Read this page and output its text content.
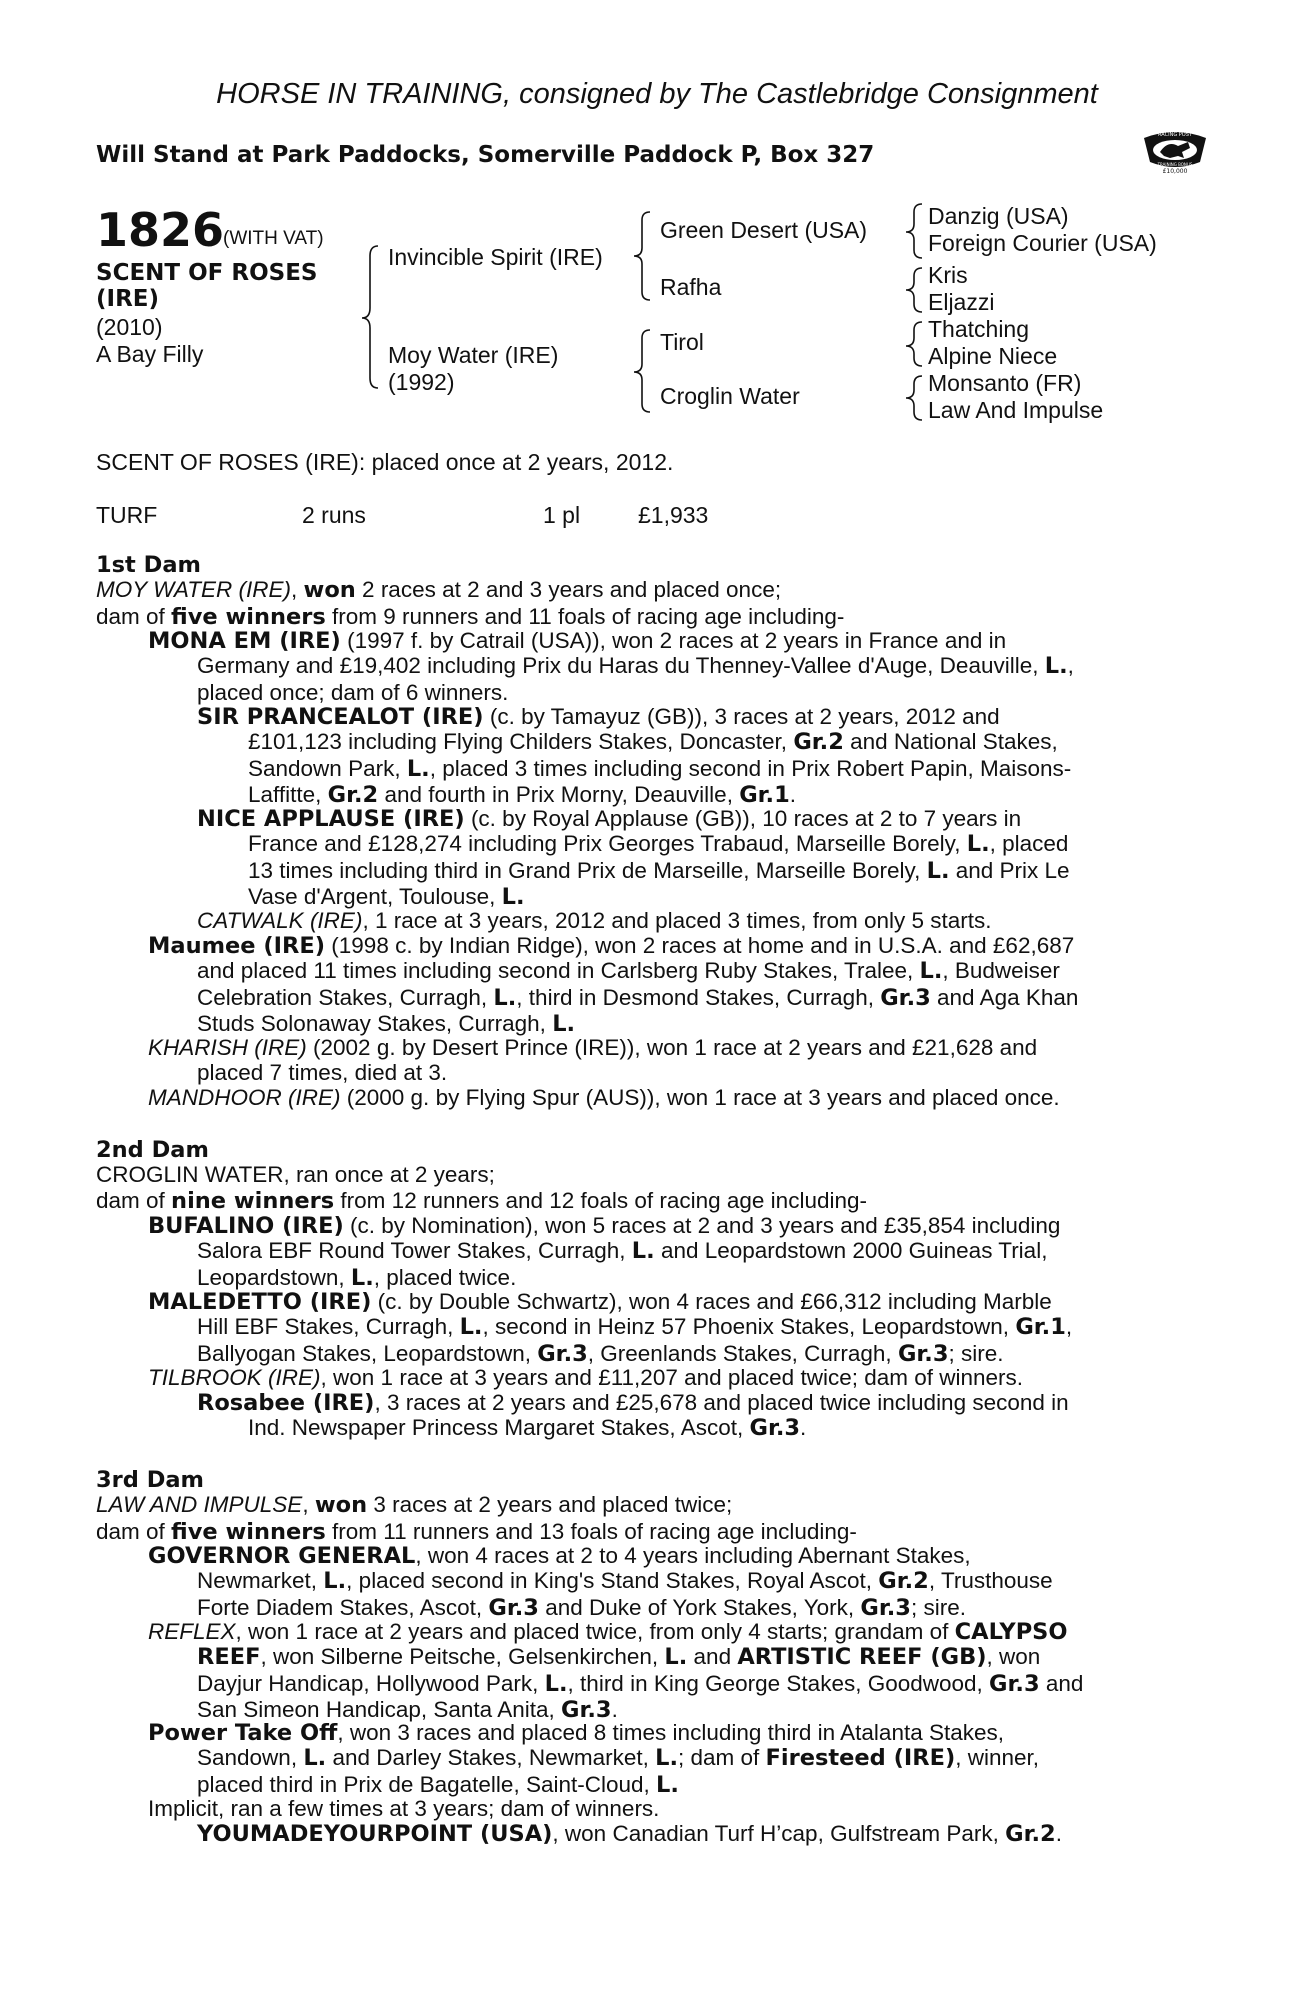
HORSE IN TRAINING, consigned by The Castlebridge Consignment
Will Stand at Park Paddocks, Somerville Paddock P, Box 327
RACING POST
TRAINING BONUS
£10,000
1826
(WITH VAT)
SCENT OF ROSES
(IRE)
(2010)
A Bay Filly
Invincible Spirit (IRE)
Moy Water (IRE)
(1992)
Green Desert (USA)
Rafha
Tirol
Croglin Water
Danzig (USA)
Foreign Courier (USA)
Kris
Eljazzi
Thatching
Alpine Niece
Monsanto (FR)
Law And Impulse
SCENT OF ROSES (IRE): placed once at 2 years, 2012.
TURF	2 runs	1 pl	£1,933
1st Dam
MOY WATER (IRE), won 2 races at 2 and 3 years and placed once;
dam of five winners from 9 runners and 11 foals of racing age including-
MONA EM (IRE) (1997 f. by Catrail (USA)), won 2 races at 2 years in France and in
Germany and £19,402 including Prix du Haras du Thenney-Vallee d'Auge, Deauville, L.,
placed once; dam of 6 winners.
SIR PRANCEALOT (IRE) (c. by Tamayuz (GB)), 3 races at 2 years, 2012 and
£101,123 including Flying Childers Stakes, Doncaster, Gr.2 and National Stakes,
Sandown Park, L., placed 3 times including second in Prix Robert Papin, Maisons-
Laffitte, Gr.2 and fourth in Prix Morny, Deauville, Gr.1.
NICE APPLAUSE (IRE) (c. by Royal Applause (GB)), 10 races at 2 to 7 years in
France and £128,274 including Prix Georges Trabaud, Marseille Borely, L., placed
13 times including third in Grand Prix de Marseille, Marseille Borely, L. and Prix Le
Vase d'Argent, Toulouse, L.
CATWALK (IRE), 1 race at 3 years, 2012 and placed 3 times, from only 5 starts.
Maumee (IRE) (1998 c. by Indian Ridge), won 2 races at home and in U.S.A. and £62,687
and placed 11 times including second in Carlsberg Ruby Stakes, Tralee, L., Budweiser
Celebration Stakes, Curragh, L., third in Desmond Stakes, Curragh, Gr.3 and Aga Khan
Studs Solonaway Stakes, Curragh, L.
KHARISH (IRE) (2002 g. by Desert Prince (IRE)), won 1 race at 2 years and £21,628 and
placed 7 times, died at 3.
MANDHOOR (IRE) (2000 g. by Flying Spur (AUS)), won 1 race at 3 years and placed once.
2nd Dam
CROGLIN WATER, ran once at 2 years;
dam of nine winners from 12 runners and 12 foals of racing age including-
BUFALINO (IRE) (c. by Nomination), won 5 races at 2 and 3 years and £35,854 including
Salora EBF Round Tower Stakes, Curragh, L. and Leopardstown 2000 Guineas Trial,
Leopardstown, L., placed twice.
MALEDETTO (IRE) (c. by Double Schwartz), won 4 races and £66,312 including Marble
Hill EBF Stakes, Curragh, L., second in Heinz 57 Phoenix Stakes, Leopardstown, Gr.1,
Ballyogan Stakes, Leopardstown, Gr.3, Greenlands Stakes, Curragh, Gr.3; sire.
TILBROOK (IRE), won 1 race at 3 years and £11,207 and placed twice; dam of winners.
Rosabee (IRE), 3 races at 2 years and £25,678 and placed twice including second in
Ind. Newspaper Princess Margaret Stakes, Ascot, Gr.3.
3rd Dam
LAW AND IMPULSE, won 3 races at 2 years and placed twice;
dam of five winners from 11 runners and 13 foals of racing age including-
GOVERNOR GENERAL, won 4 races at 2 to 4 years including Abernant Stakes,
Newmarket, L., placed second in King's Stand Stakes, Royal Ascot, Gr.2, Trusthouse
Forte Diadem Stakes, Ascot, Gr.3 and Duke of York Stakes, York, Gr.3; sire.
REFLEX, won 1 race at 2 years and placed twice, from only 4 starts; grandam of CALYPSO
REEF, won Silberne Peitsche, Gelsenkirchen, L. and ARTISTIC REEF (GB), won
Dayjur Handicap, Hollywood Park, L., third in King George Stakes, Goodwood, Gr.3 and
San Simeon Handicap, Santa Anita, Gr.3.
Power Take Off, won 3 races and placed 8 times including third in Atalanta Stakes,
Sandown, L. and Darley Stakes, Newmarket, L.; dam of Firesteed (IRE), winner,
placed third in Prix de Bagatelle, Saint-Cloud, L.
Implicit, ran a few times at 3 years; dam of winners.
YOUMADEYOURPOINT (USA), won Canadian Turf H’cap, Gulfstream Park, Gr.2.
